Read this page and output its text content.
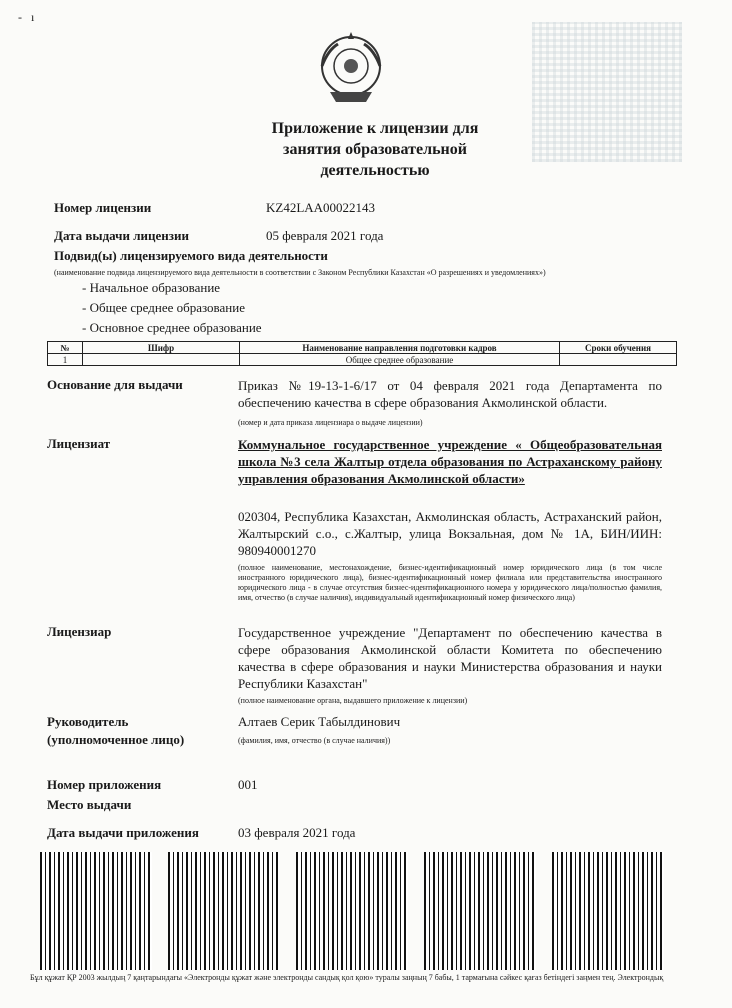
- ı
Приложение к лицензии для
занятия образовательной
деятельностью
Номер лицензии	KZ42LAA00022143
Дата выдачи лицензии	05 февраля 2021 года
Подвид(ы) лицензируемого вида деятельности
(наименование подвида лицензируемого вида деятельности в соответствии с Законом Республики Казахстан «О разрешениях и уведомлениях»)
- Начальное образование
- Общее среднее образование
- Основное среднее образование
№	Шифр	Наименование направления подготовки кадров	Сроки обучения
1		Общее среднее образование	
Основание для выдачи	Приказ №19-13-1-6/17 от 04 февраля 2021 года Департамента по обеспечению качества в сфере образования Акмолинской области.
(номер и дата приказа лицензиара о выдаче лицензии)
Лицензиат	Коммунальное государственное учреждение « Общеобразовательная школа №3 села Жалтыр отдела образования по Астраханскому району управления образования Акмолинской области»
020304, Республика Казахстан, Акмолинская область, Астраханский район, Жалтырский с.о., с.Жалтыр, улица Вокзальная, дом № 1А, БИН/ИИН: 980940001270
(полное наименование, местонахождение, бизнес-идентификационный номер юридического лица (в том числе иностранного юридического лица), бизнес-идентификационный номер филиала или представительства иностранного юридического лица - в случае отсутствия бизнес-идентификационного номера у юридического лица/полностью фамилия, имя, отчество (в случае наличия), индивидуальный идентификационный номер физического лица)
Лицензиар	Государственное учреждение "Департамент по обеспечению качества в сфере образования Акмолинской области Комитета по обеспечению качества в сфере образования и науки Министерства образования и науки Республики Казахстан"
(полное наименование органа, выдавшего приложение к лицензии)
Руководитель
(уполномоченное лицо)
Алтаев Серик Табылдинович
(фамилия, имя, отчество (в случае наличия))
Номер приложения	001
Место выдачи
Дата выдачи приложения	03 февраля 2021 года
Бұл құжат ҚР 2003 жылдың 7 қаңтарындағы «Электронды құжат және электронды сандық қол қою» туралы заңның 7 бабы, 1 тармағына сәйкес қағаз бетіндегі заңмен тең. Электрондық
